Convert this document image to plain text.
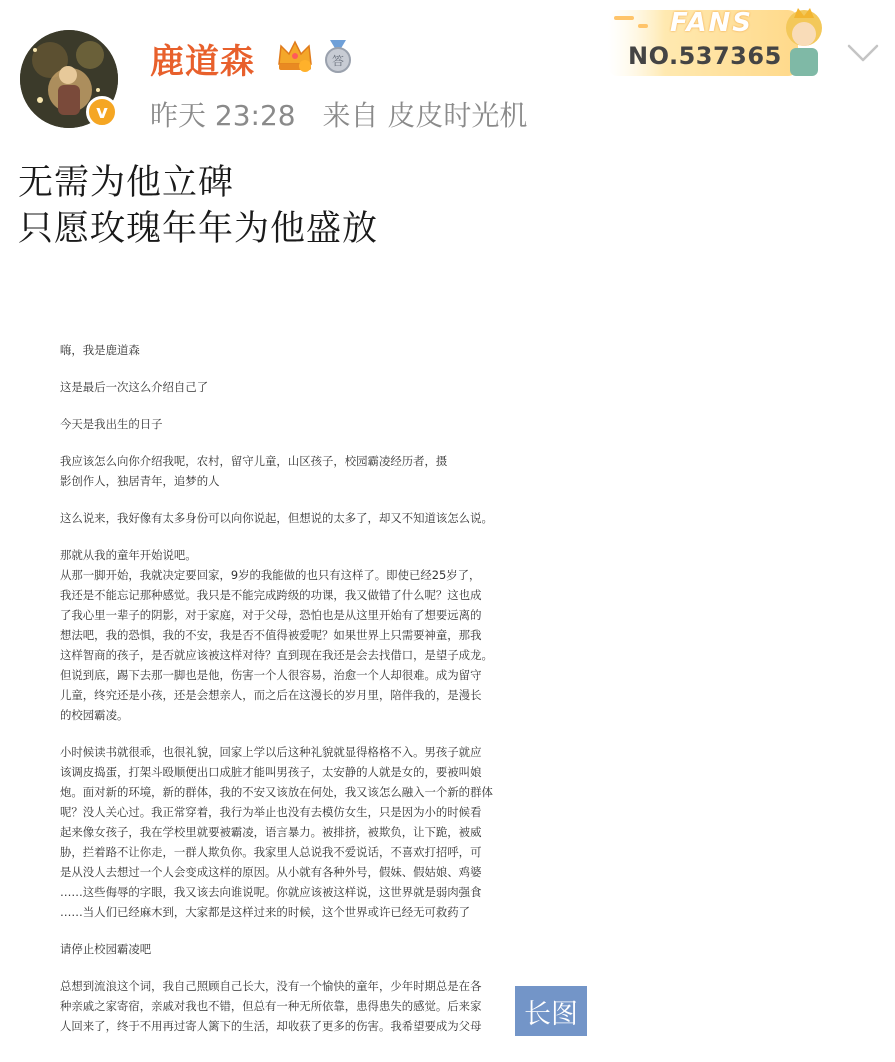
v
鹿道森	答
昨天 23:28 来自 皮皮时光机
FANS
NO.537365
无需为他立碑
只愿玫瑰年年为他盛放

嗨，我是鹿道森

这是最后一次这么介绍自己了

今天是我出生的日子

我应该怎么向你介绍我呢，农村，留守儿童，山区孩子，校园霸凌经历者，摄
影创作人，独居青年，追梦的人

这么说来，我好像有太多身份可以向你说起，但想说的太多了，却又不知道该怎么说。

那就从我的童年开始说吧。
从那一脚开始，我就决定要回家，9岁的我能做的也只有这样了。即使已经25岁了，
我还是不能忘记那种感觉。我只是不能完成跨级的功课，我又做错了什么呢？这也成
了我心里一辈子的阴影，对于家庭，对于父母，恐怕也是从这里开始有了想要远离的
想法吧，我的恐惧，我的不安，我是否不值得被爱呢？如果世界上只需要神童，那我
这样智商的孩子，是否就应该被这样对待？直到现在我还是会去找借口，是望子成龙。
但说到底，踢下去那一脚也是他，伤害一个人很容易，治愈一个人却很难。成为留守
儿童，终究还是小孩，还是会想亲人，而之后在这漫长的岁月里，陪伴我的，是漫长
的校园霸凌。

小时候读书就很乖，也很礼貌，回家上学以后这种礼貌就显得格格不入。男孩子就应
该调皮捣蛋，打架斗殴顺便出口成脏才能叫男孩子，太安静的人就是女的，要被叫娘
炮。面对新的环境，新的群体，我的不安又该放在何处，我又该怎么融入一个新的群体
呢？没人关心过。我正常穿着，我行为举止也没有去模仿女生，只是因为小的时候看
起来像女孩子，我在学校里就要被霸凌，语言暴力。被排挤，被欺负，让下跪，被威
胁，拦着路不让你走，一群人欺负你。我家里人总说我不爱说话，不喜欢打招呼，可
是从没人去想过一个人会变成这样的原因。从小就有各种外号，假妹、假姑娘、鸡婆
……这些侮辱的字眼，我又该去向谁说呢。你就应该被这样说，这世界就是弱肉强食
……当人们已经麻木到，大家都是这样过来的时候，这个世界或许已经无可救药了

请停止校园霸凌吧

总想到流浪这个词，我自己照顾自己长大，没有一个愉快的童年，少年时期总是在各
种亲戚之家寄宿，亲戚对我也不错，但总有一种无所依靠，患得患失的感觉。后来家
人回来了，终于不用再过寄人篱下的生活，却收获了更多的伤害。我希望要成为父母	长图
